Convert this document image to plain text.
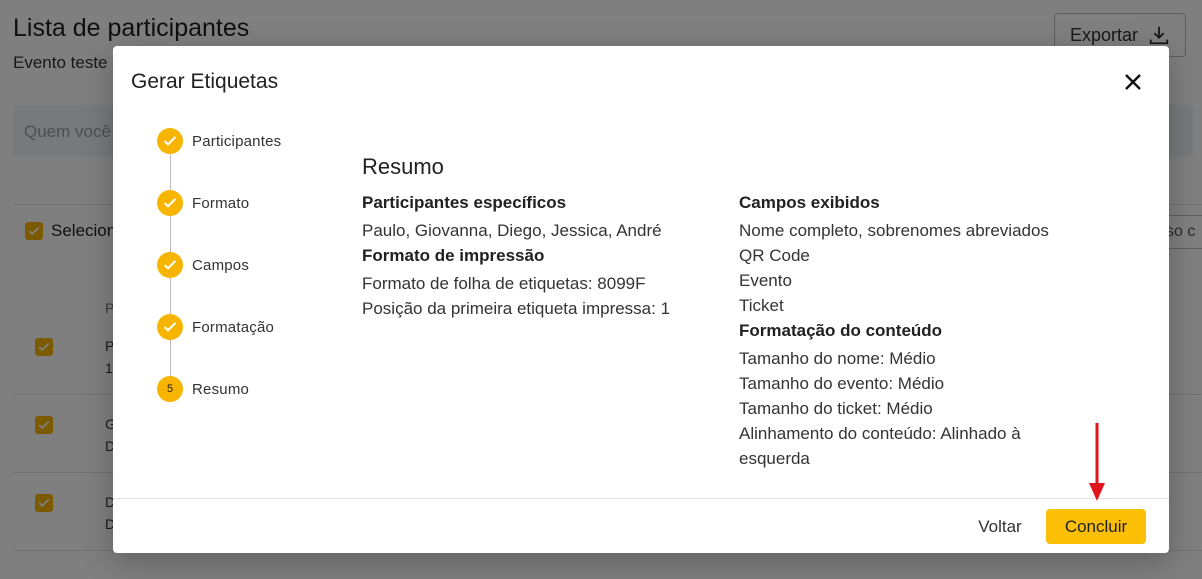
Gerar Etiquetas
Participantes
Formato
Campos
Formatação
5	Resumo
Resumo
Participantes específicos
Paulo, Giovanna, Diego, Jessica, André
Formato de impressão
Formato de folha de etiquetas: 8099F
Posição da primeira etiqueta impressa: 1
Campos exibidos
Nome completo, sobrenomes abreviados
QR Code
Evento
Ticket
Formatação do conteúdo
Tamanho do nome: Médio
Tamanho do evento: Médio
Tamanho do ticket: Médio
Alinhamento do conteúdo: Alinhado à
esquerda
Voltar	Concluir
